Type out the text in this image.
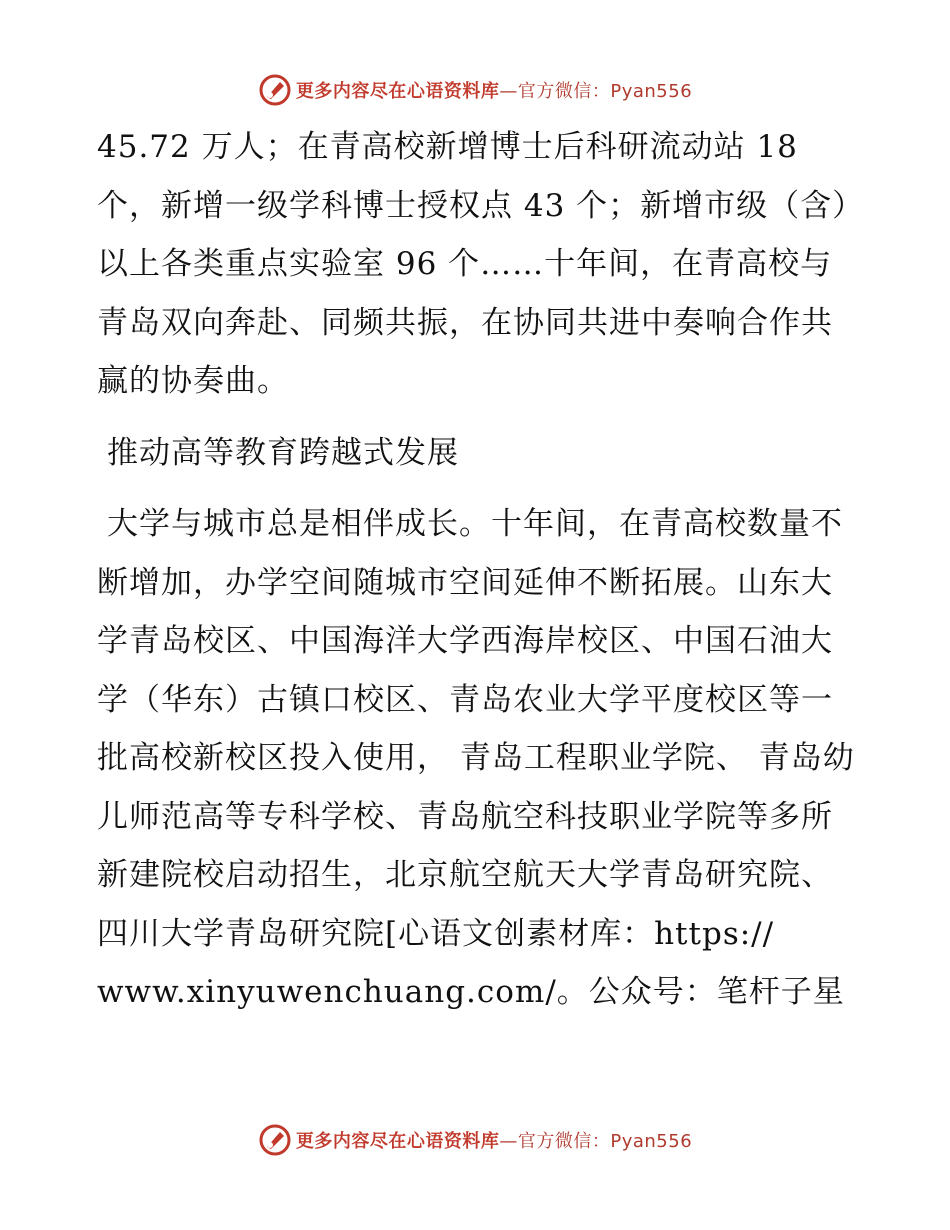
更多内容尽在心语资料库 —官方微信：Pyan556

45.72 万人；在青高校新增博士后科研流动站 18 个，新增一级学科博士授权点 43 个；新增市级（含）以上各类重点实验室 96 个……十年间，在青高校与青岛双向奔赴、同频共振，在协同共进中奏响合作共赢的协奏曲。

推动高等教育跨越式发展

大学与城市总是相伴成长。十年间，在青高校数量不断增加，办学空间随城市空间延伸不断拓展。山东大学青岛校区、中国海洋大学西海岸校区、中国石油大学（华东）古镇口校区、青岛农业大学平度校区等一批高校新校区投入使用， 青岛工程职业学院、 青岛幼儿师范高等专科学校、青岛航空科技职业学院等多所新建院校启动招生，北京航空航天大学青岛研究院、四川大学青岛研究院[心语文创素材库：https://

www.xinyuwenchuang.com/。公众号：笔杆子星

更多内容尽在心语资料库 —官方微信：Pyan556
